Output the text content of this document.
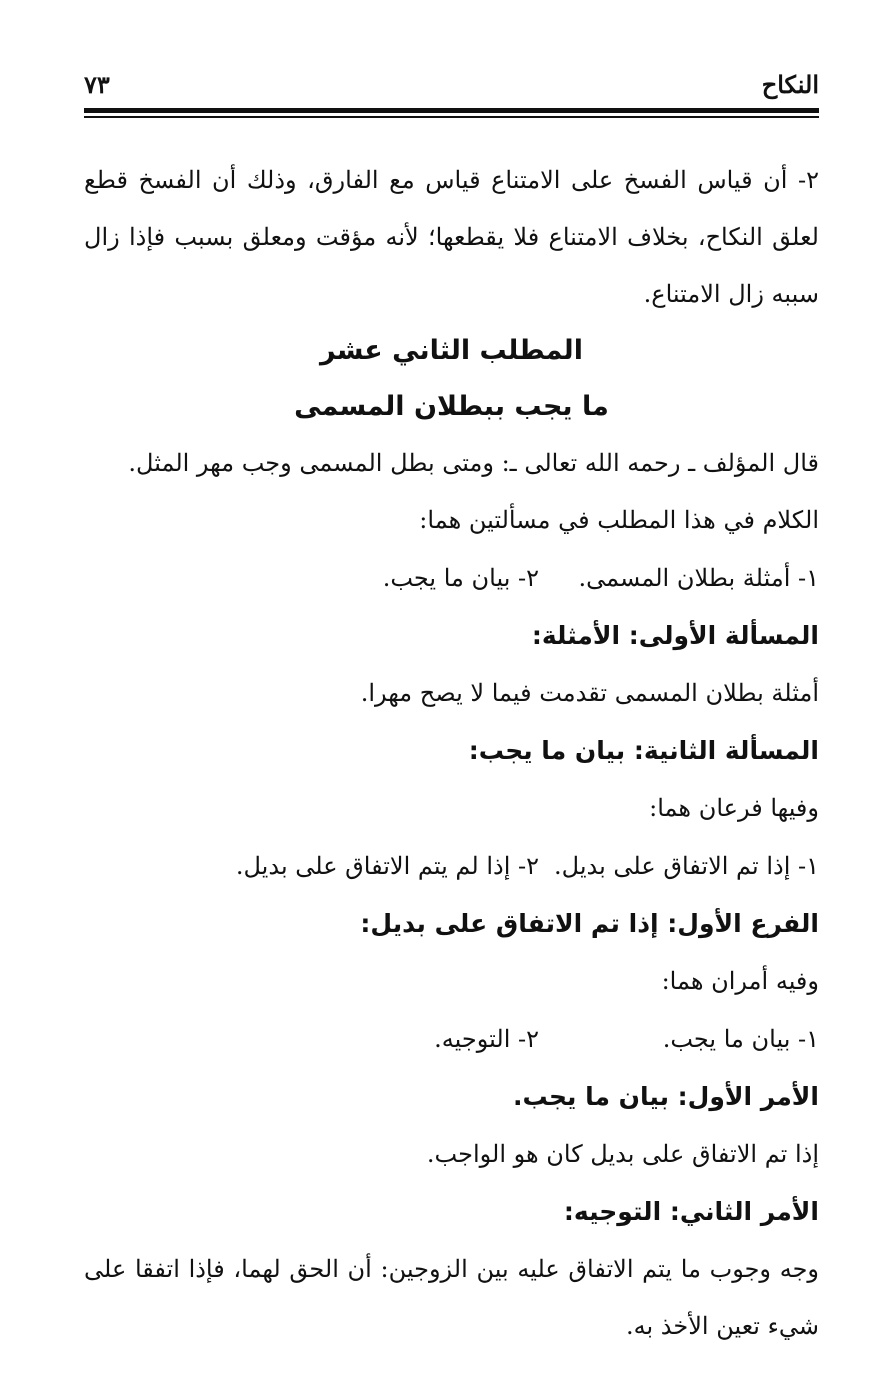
النكاح
٧٣

٢- أن قياس الفسخ على الامتناع قياس مع الفارق، وذلك أن الفسخ قطع لعلق النكاح، بخلاف الامتناع فلا يقطعها؛ لأنه مؤقت ومعلق بسبب فإذا زال سببه زال الامتناع.

المطلب الثاني عشر
ما يجب ببطلان المسمى

قال المؤلف ـ رحمه الله تعالى ـ: ومتى بطل المسمى وجب مهر المثل.

الكلام في هذا المطلب في مسألتين هما:

١- أمثلة بطلان المسمى.
٢- بيان ما يجب.
المسألة الأولى: الأمثلة:

أمثلة بطلان المسمى تقدمت فيما لا يصح مهرا.

المسألة الثانية: بيان ما يجب:

وفيها فرعان هما:

١- إذا تم الاتفاق على بديل.
٢- إذا لم يتم الاتفاق على بديل.
الفرع الأول: إذا تم الاتفاق على بديل:

وفيه أمران هما:

١- بيان ما يجب.
٢- التوجيه.
الأمر الأول: بيان ما يجب.

إذا تم الاتفاق على بديل كان هو الواجب.

الأمر الثاني: التوجيه:

وجه وجوب ما يتم الاتفاق عليه بين الزوجين: أن الحق لهما، فإذا اتفقا على شيء تعين الأخذ به.
